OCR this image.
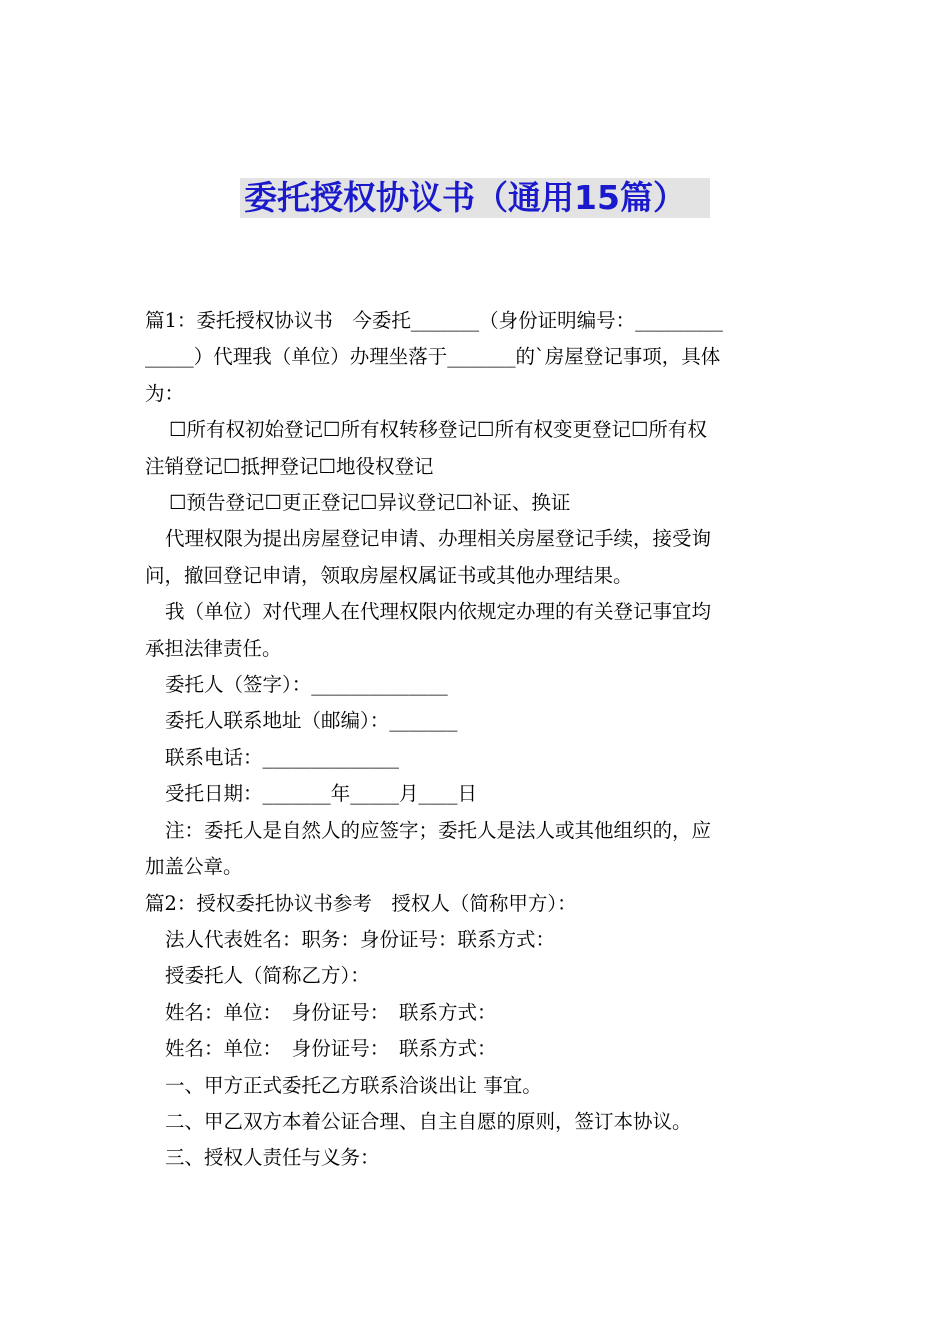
委托授权协议书（通用15篇）

篇1：委托授权协议书　今委托_______（身份证明编号：_________

_____）代理我（单位）办理坐落于_______的`房屋登记事项，具体

为：

☐所有权初始登记☐所有权转移登记☐所有权变更登记☐所有权

注销登记☐抵押登记☐地役权登记

☐预告登记☐更正登记☐异议登记☐补证、换证

代理权限为提出房屋登记申请、办理相关房屋登记手续，接受询

问，撤回登记申请，领取房屋权属证书或其他办理结果。

我（单位）对代理人在代理权限内依规定办理的有关登记事宜均

承担法律责任。

委托人（签字）：______________

委托人联系地址（邮编）：_______

联系电话：______________

受托日期：_______年_____月____日

注：委托人是自然人的应签字；委托人是法人或其他组织的，应

加盖公章。

篇2：授权委托协议书参考　授权人（简称甲方）：

法人代表姓名：职务：身份证号：联系方式：

授委托人（简称乙方）：

姓名：单位：　身份证号：　联系方式：

姓名：单位：　身份证号：　联系方式：

一、甲方正式委托乙方联系洽谈出让 事宜。

二、甲乙双方本着公证合理、自主自愿的原则，签订本协议。

三、授权人责任与义务：
